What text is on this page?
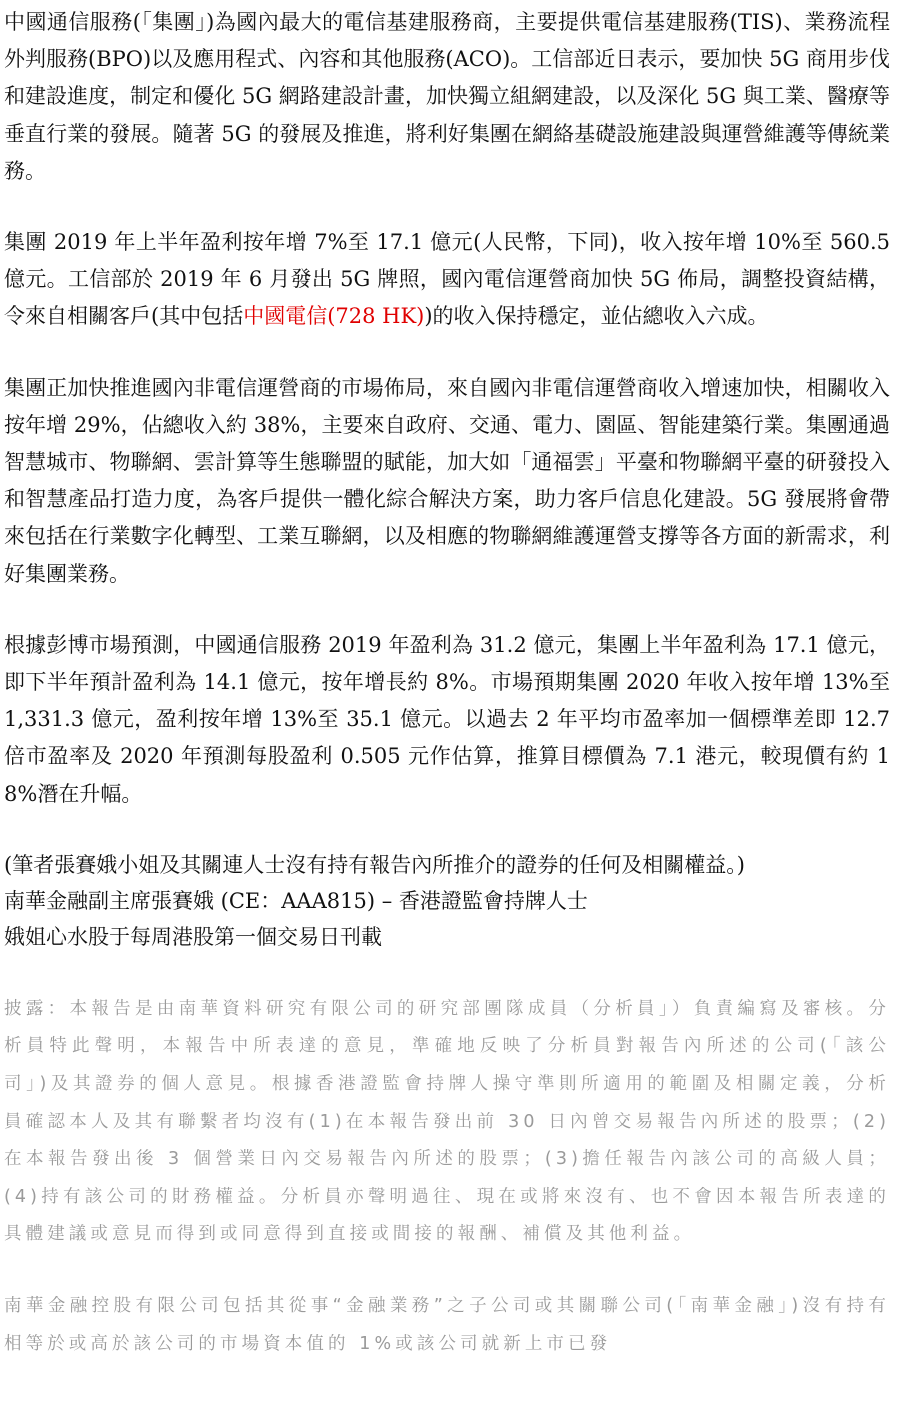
中國通信服務(「集團」)為國內最大的電信基建服務商，主要提供電信基建服務(TIS)、業務流程外判服務(BPO)以及應用程式、內容和其他服務(ACO)。工信部近日表示，要加快 5G 商用步伐和建設進度，制定和優化 5G 網路建設計畫，加快獨立組網建設，以及深化 5G 與工業、醫療等垂直行業的發展。隨著 5G 的發展及推進，將利好集團在網絡基礎設施建設與運營維護等傳統業務。

集團 2019 年上半年盈利按年增 7%至 17.1 億元(人民幣，下同)，收入按年增 10%至 560.5 億元。工信部於 2019 年 6 月發出 5G 牌照，國內電信運營商加快 5G 佈局，調整投資結構，令來自相關客戶(其中包括中國電信(728 HK))的收入保持穩定，並佔總收入六成。

集團正加快推進國內非電信運營商的市場佈局，來自國內非電信運營商收入增速加快，相關收入按年增 29%，佔總收入約 38%，主要來自政府、交通、電力、園區、智能建築行業。集團通過智慧城市、物聯網、雲計算等生態聯盟的賦能，加大如「通福雲」平臺和物聯網平臺的研發投入和智慧產品打造力度，為客戶提供一體化綜合解決方案，助力客戶信息化建設。5G 發展將會帶來包括在行業數字化轉型、工業互聯網，以及相應的物聯網維護運營支撐等各方面的新需求，利好集團業務。

根據彭博市場預測，中國通信服務 2019 年盈利為 31.2 億元，集團上半年盈利為 17.1 億元，即下半年預計盈利為 14.1 億元，按年增長約 8%。市場預期集團 2020 年收入按年增 13%至 1,331.3 億元，盈利按年增 13%至 35.1 億元。以過去 2 年平均市盈率加一個標準差即 12.7 倍市盈率及 2020 年預測每股盈利 0.505 元作估算，推算目標價為 7.1 港元，較現價有約 18%潛在升幅。

(筆者張賽娥小姐及其關連人士沒有持有報告內所推介的證券的任何及相關權益。)
南華金融副主席張賽娥 (CE：AAA815) – 香港證監會持牌人士
娥姐心水股于每周港股第一個交易日刊載

披露：本報告是由南華資料研究有限公司的研究部團隊成員（分析員」）負責編寫及審核。分析員特此聲明，本報告中所表達的意見，準確地反映了分析員對報告內所述的公司(「該公司」)及其證券的個人意見。根據香港證監會持牌人操守準則所適用的範圍及相關定義，分析員確認本人及其有聯繫者均沒有(1)在本報告發出前 30 日內曾交易報告內所述的股票；(2)在本報告發出後 3 個營業日內交易報告內所述的股票；(3)擔任報告內該公司的高級人員；(4)持有該公司的財務權益。分析員亦聲明過往、現在或將來沒有、也不會因本報告所表達的具體建議或意見而得到或同意得到直接或間接的報酬、補償及其他利益。

南華金融控股有限公司包括其從事“金融業務”之子公司或其關聯公司(「南華金融」)沒有持有相等於或高於該公司的市場資本值的 1%或該公司就新上市已發
